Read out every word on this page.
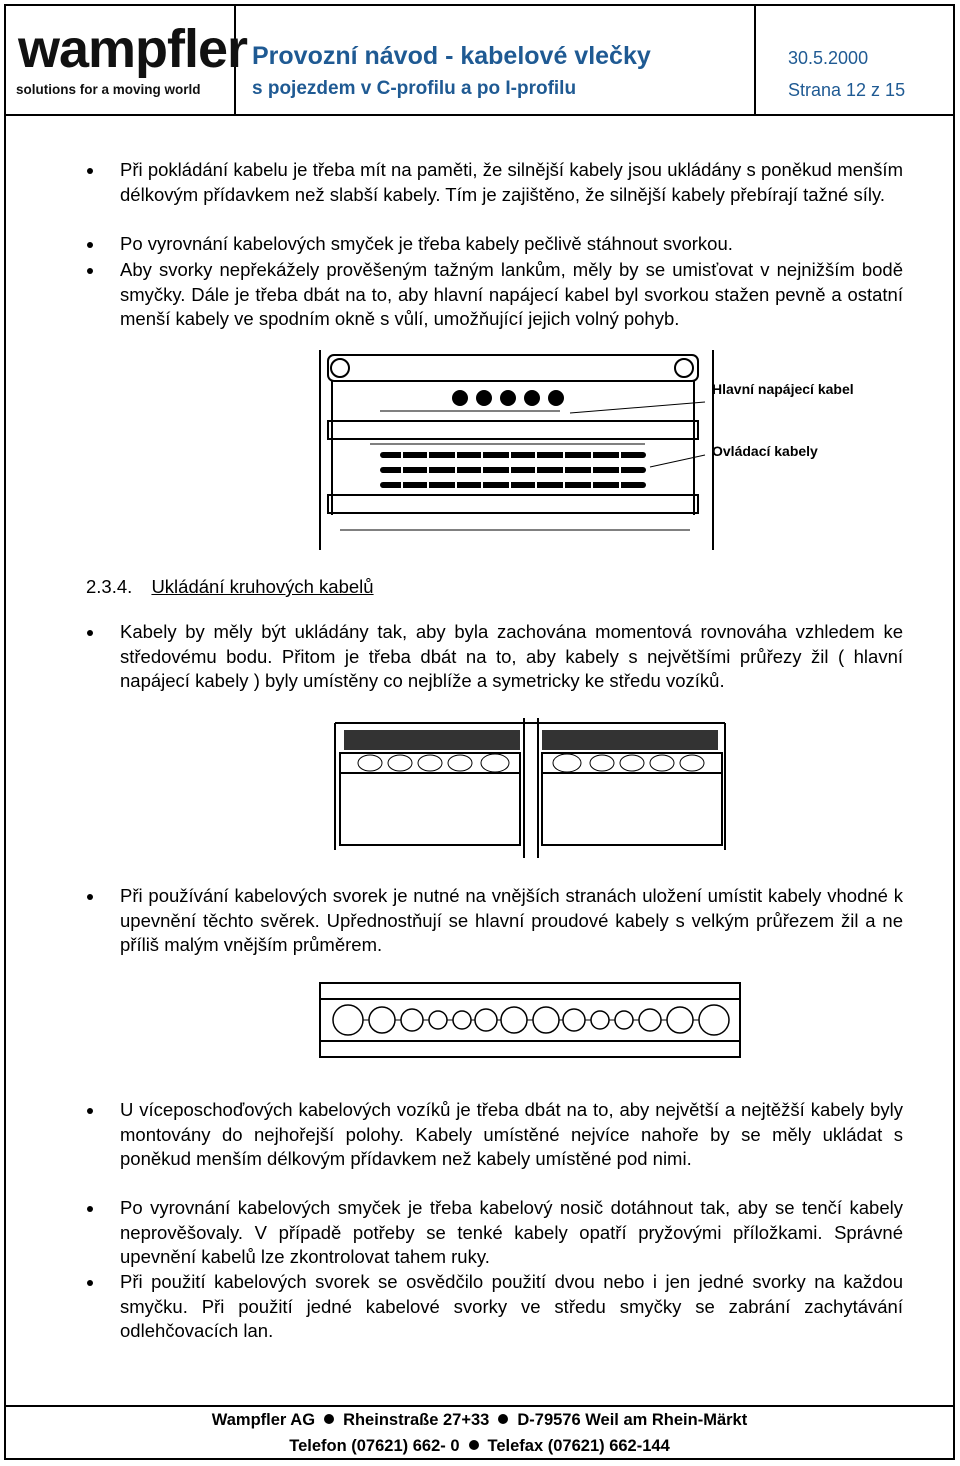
wampfler
solutions for a moving world
Provozní návod - kabelové vlečky
s pojezdem v C-profilu a po I-profilu
30.5.2000
Strana 12 z 15
Při pokládání kabelu je třeba mít na paměti, že silnější kabely jsou ukládány s poněkud menším délkovým přídavkem než slabší kabely. Tím je zajištěno, že silnější kabely přebírají tažné síly.
Po vyrovnání kabelových smyček je třeba kabely pečlivě stáhnout svorkou.
Aby svorky nepřekážely prověšeným tažným lankům, měly by se umisťovat v nejnižším bodě smyčky. Dále je třeba dbát na to, aby hlavní napájecí kabel byl svorkou stažen pevně a ostatní menší kabely ve spodním okně s vůlí, umožňující jejich volný pohyb.
Hlavní napájecí kabel
Ovládací kabely
2.3.4. Ukládání kruhových kabelů
Kabely by měly být ukládány tak, aby byla zachována momentová rovnováha vzhledem ke středovému bodu. Přitom je třeba dbát na to, aby kabely s největšími průřezy žil ( hlavní napájecí kabely ) byly umístěny co nejblíže a symetricky ke středu vozíků.
Při používání kabelových svorek je nutné na vnějších stranách uložení umístit kabely vhodné k upevnění těchto svěrek. Upřednostňují se hlavní proudové kabely s velkým průřezem žil a ne příliš malým vnějším průměrem.
U víceposchoďových kabelových vozíků je třeba dbát na to, aby největší a nejtěžší kabely byly montovány do nejhořejší polohy. Kabely umístěné nejvíce nahoře by se měly ukládat s poněkud menším délkovým přídavkem než kabely umístěné pod nimi.
Po vyrovnání kabelových smyček je třeba kabelový nosič dotáhnout tak, aby se tenčí kabely neprověšovaly. V případě potřeby se tenké kabely opatří pryžovými příložkami. Správné upevnění kabelů lze zkontrolovat tahem ruky.
Při použití kabelových svorek se osvědčilo použití dvou nebo i jen jedné svorky na každou smyčku. Při použití jedné kabelové svorky ve středu smyčky se zabrání zachytávání odlehčovacích lan.
Wampfler AG Rheinstraße 27+33 D-79576 Weil am Rhein-Märkt
Telefon (07621) 662- 0 Telefax (07621) 662-144
